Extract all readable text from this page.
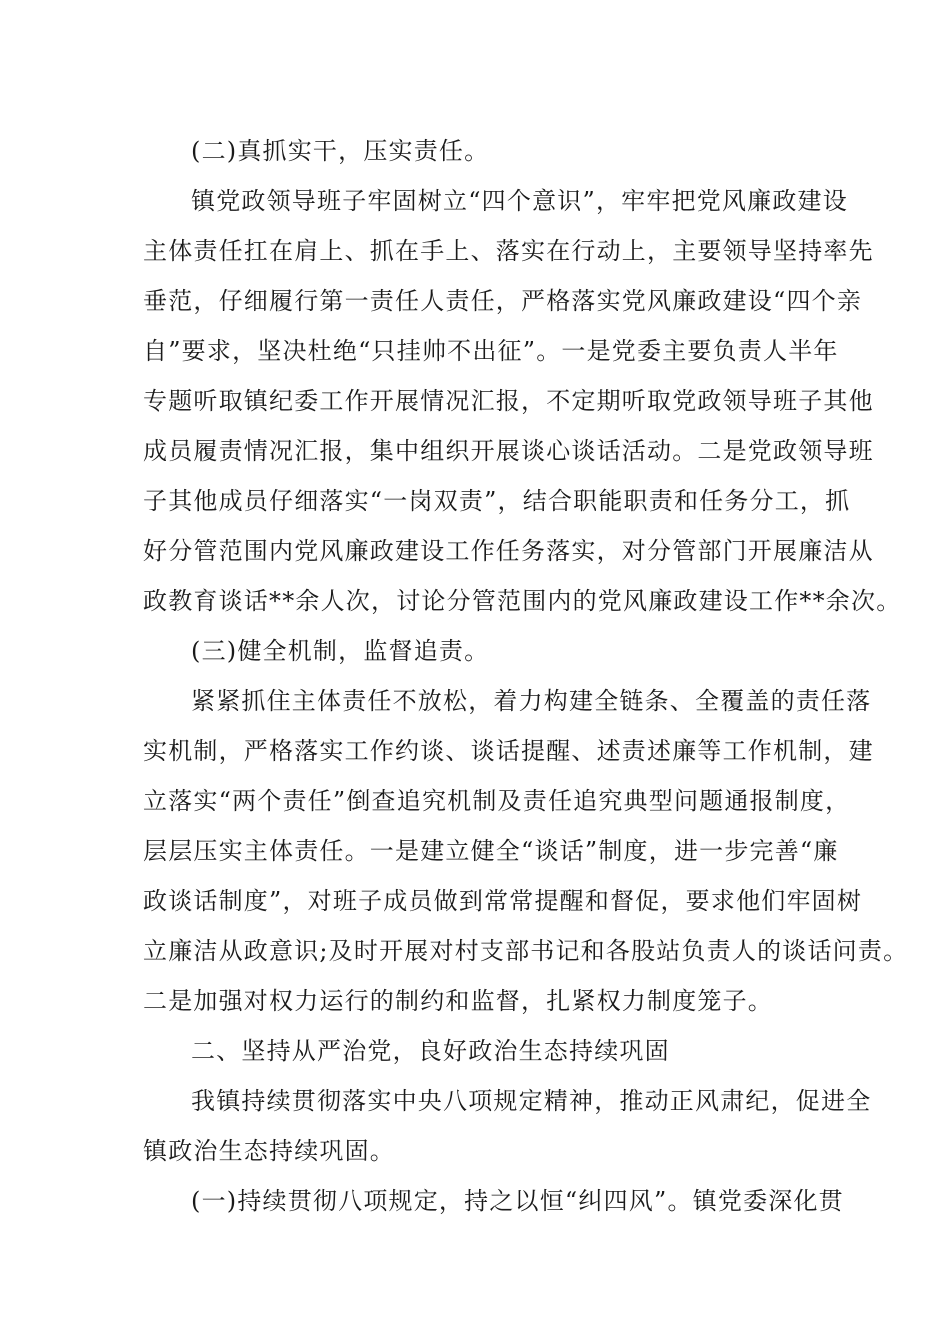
(二)真抓实干，压实责任。
镇党政领导班子牢固树立“四个意识”，牢牢把党风廉政建设
主体责任扛在肩上、抓在手上、落实在行动上，主要领导坚持率先
垂范，仔细履行第一责任人责任，严格落实党风廉政建设“四个亲
自”要求，坚决杜绝“只挂帅不出征”。一是党委主要负责人半年
专题听取镇纪委工作开展情况汇报，不定期听取党政领导班子其他
成员履责情况汇报，集中组织开展谈心谈话活动。二是党政领导班
子其他成员仔细落实“一岗双责”，结合职能职责和任务分工，抓
好分管范围内党风廉政建设工作任务落实，对分管部门开展廉洁从
政教育谈话**余人次，讨论分管范围内的党风廉政建设工作**余次。
(三)健全机制，监督追责。
紧紧抓住主体责任不放松，着力构建全链条、全覆盖的责任落
实机制，严格落实工作约谈、谈话提醒、述责述廉等工作机制，建
立落实“两个责任”倒查追究机制及责任追究典型问题通报制度，
层层压实主体责任。一是建立健全“谈话”制度，进一步完善“廉
政谈话制度”，对班子成员做到常常提醒和督促，要求他们牢固树
立廉洁从政意识;及时开展对村支部书记和各股站负责人的谈话问责。
二是加强对权力运行的制约和监督，扎紧权力制度笼子。
二、坚持从严治党，良好政治生态持续巩固
我镇持续贯彻落实中央八项规定精神，推动正风肃纪，促进全
镇政治生态持续巩固。
(一)持续贯彻八项规定，持之以恒“纠四风”。镇党委深化贯
